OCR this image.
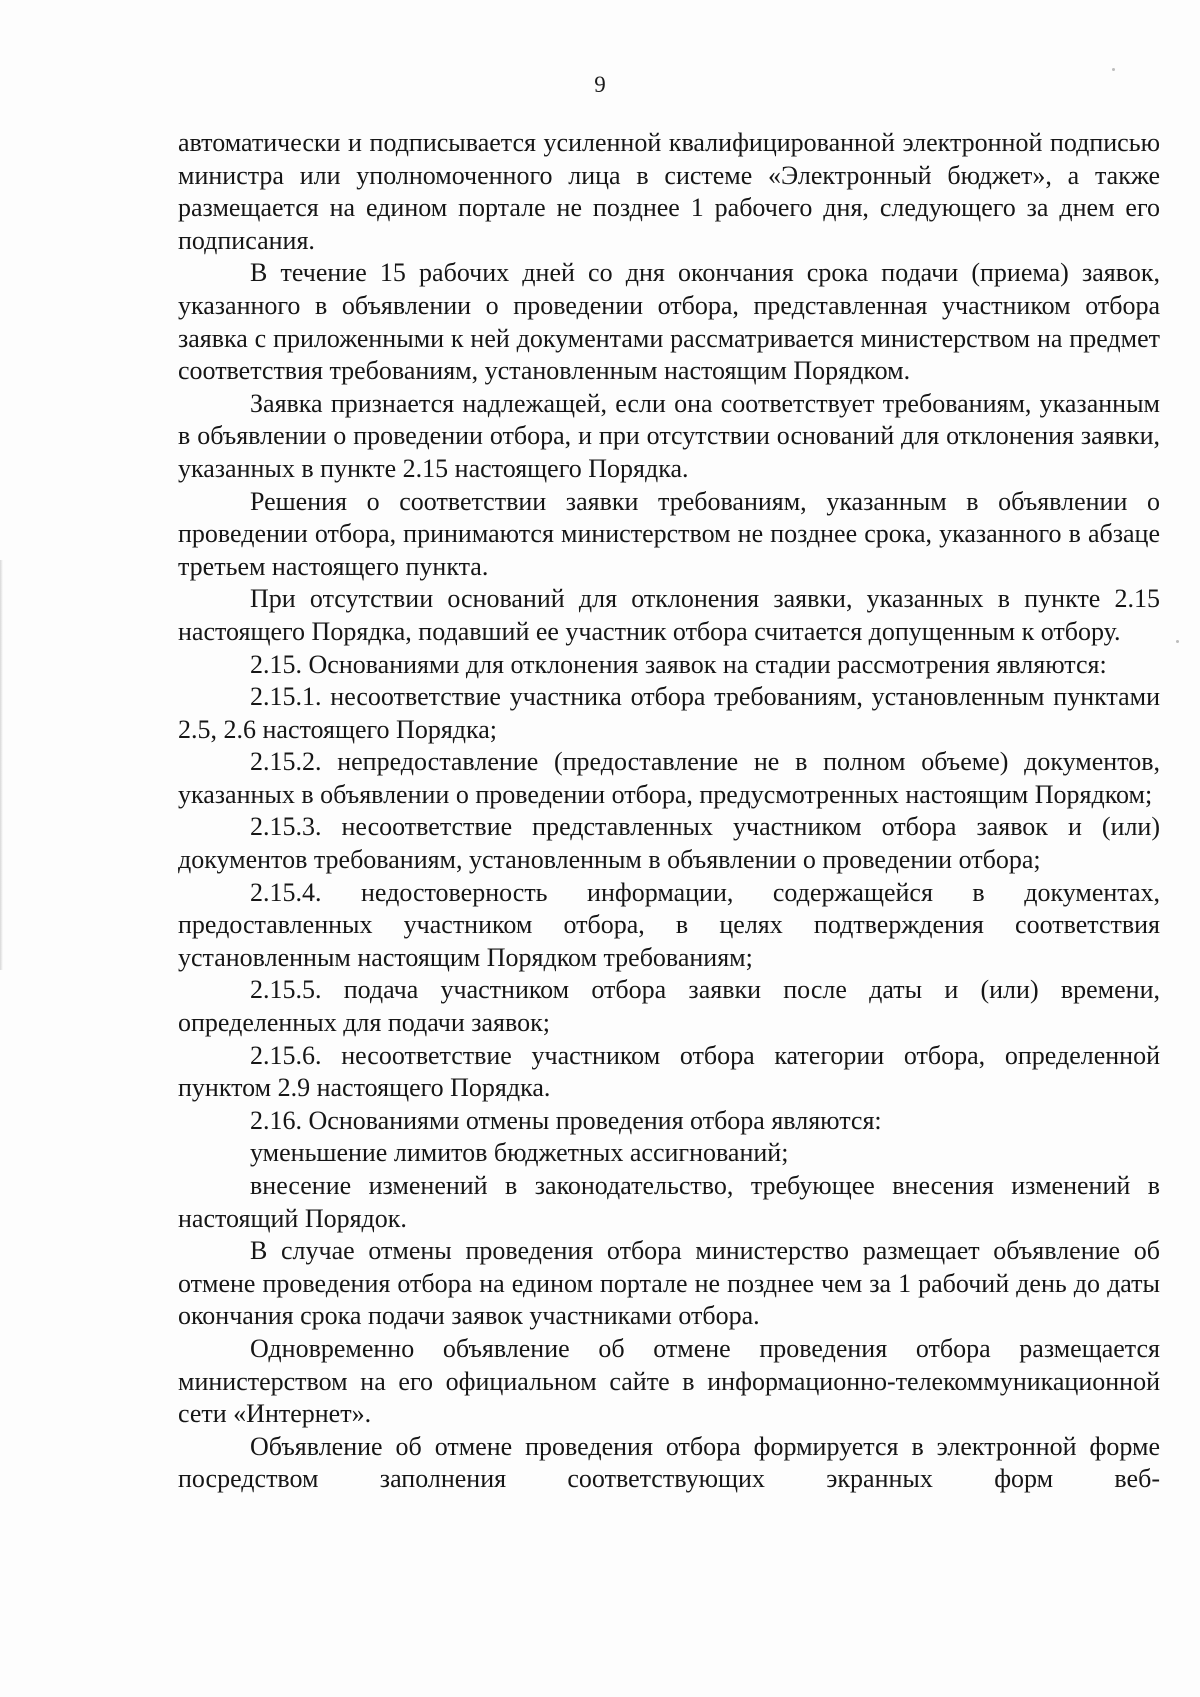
9

автоматически и подписывается усиленной квалифицированной электронной подписью министра или уполномоченного лица в системе «Электронный бюджет», а также размещается на едином портале не позднее 1 рабочего дня, следующего за днем его подписания.

В течение 15 рабочих дней со дня окончания срока подачи (приема) заявок, указанного в объявлении о проведении отбора, представленная участником отбора заявка с приложенными к ней документами рассматривается министерством на предмет соответствия требованиям, установленным настоящим Порядком.

Заявка признается надлежащей, если она соответствует требованиям, указанным в объявлении о проведении отбора, и при отсутствии оснований для отклонения заявки, указанных в пункте 2.15 настоящего Порядка.

Решения о соответствии заявки требованиям, указанным в объявлении о проведении отбора, принимаются министерством не позднее срока, указанного в абзаце третьем настоящего пункта.

При отсутствии оснований для отклонения заявки, указанных в пункте 2.15 настоящего Порядка, подавший ее участник отбора считается допущенным к отбору.

2.15. Основаниями для отклонения заявок на стадии рассмотрения являются:

2.15.1. несоответствие участника отбора требованиям, установленным пунктами 2.5, 2.6 настоящего Порядка;

2.15.2. непредоставление (предоставление не в полном объеме) документов, указанных в объявлении о проведении отбора, предусмотренных настоящим Порядком;

2.15.3. несоответствие представленных участником отбора заявок и (или) документов требованиям, установленным в объявлении о проведении отбора;

2.15.4. недостоверность информации, содержащейся в документах, предоставленных участником отбора, в целях подтверждения соответствия установленным настоящим Порядком требованиям;

2.15.5. подача участником отбора заявки после даты и (или) времени, определенных для подачи заявок;

2.15.6. несоответствие участником отбора категории отбора, определенной пунктом 2.9 настоящего Порядка.

2.16. Основаниями отмены проведения отбора являются:

уменьшение лимитов бюджетных ассигнований;

внесение изменений в законодательство, требующее внесения изменений в настоящий Порядок.

В случае отмены проведения отбора министерство размещает объявление об отмене проведения отбора на едином портале не позднее чем за 1 рабочий день до даты окончания срока подачи заявок участниками отбора.

Одновременно объявление об отмене проведения отбора размещается министерством на его официальном сайте в информационно-телекоммуникационной сети «Интернет».

Объявление об отмене проведения отбора формируется в электронной форме посредством заполнения соответствующих экранных форм веб-
